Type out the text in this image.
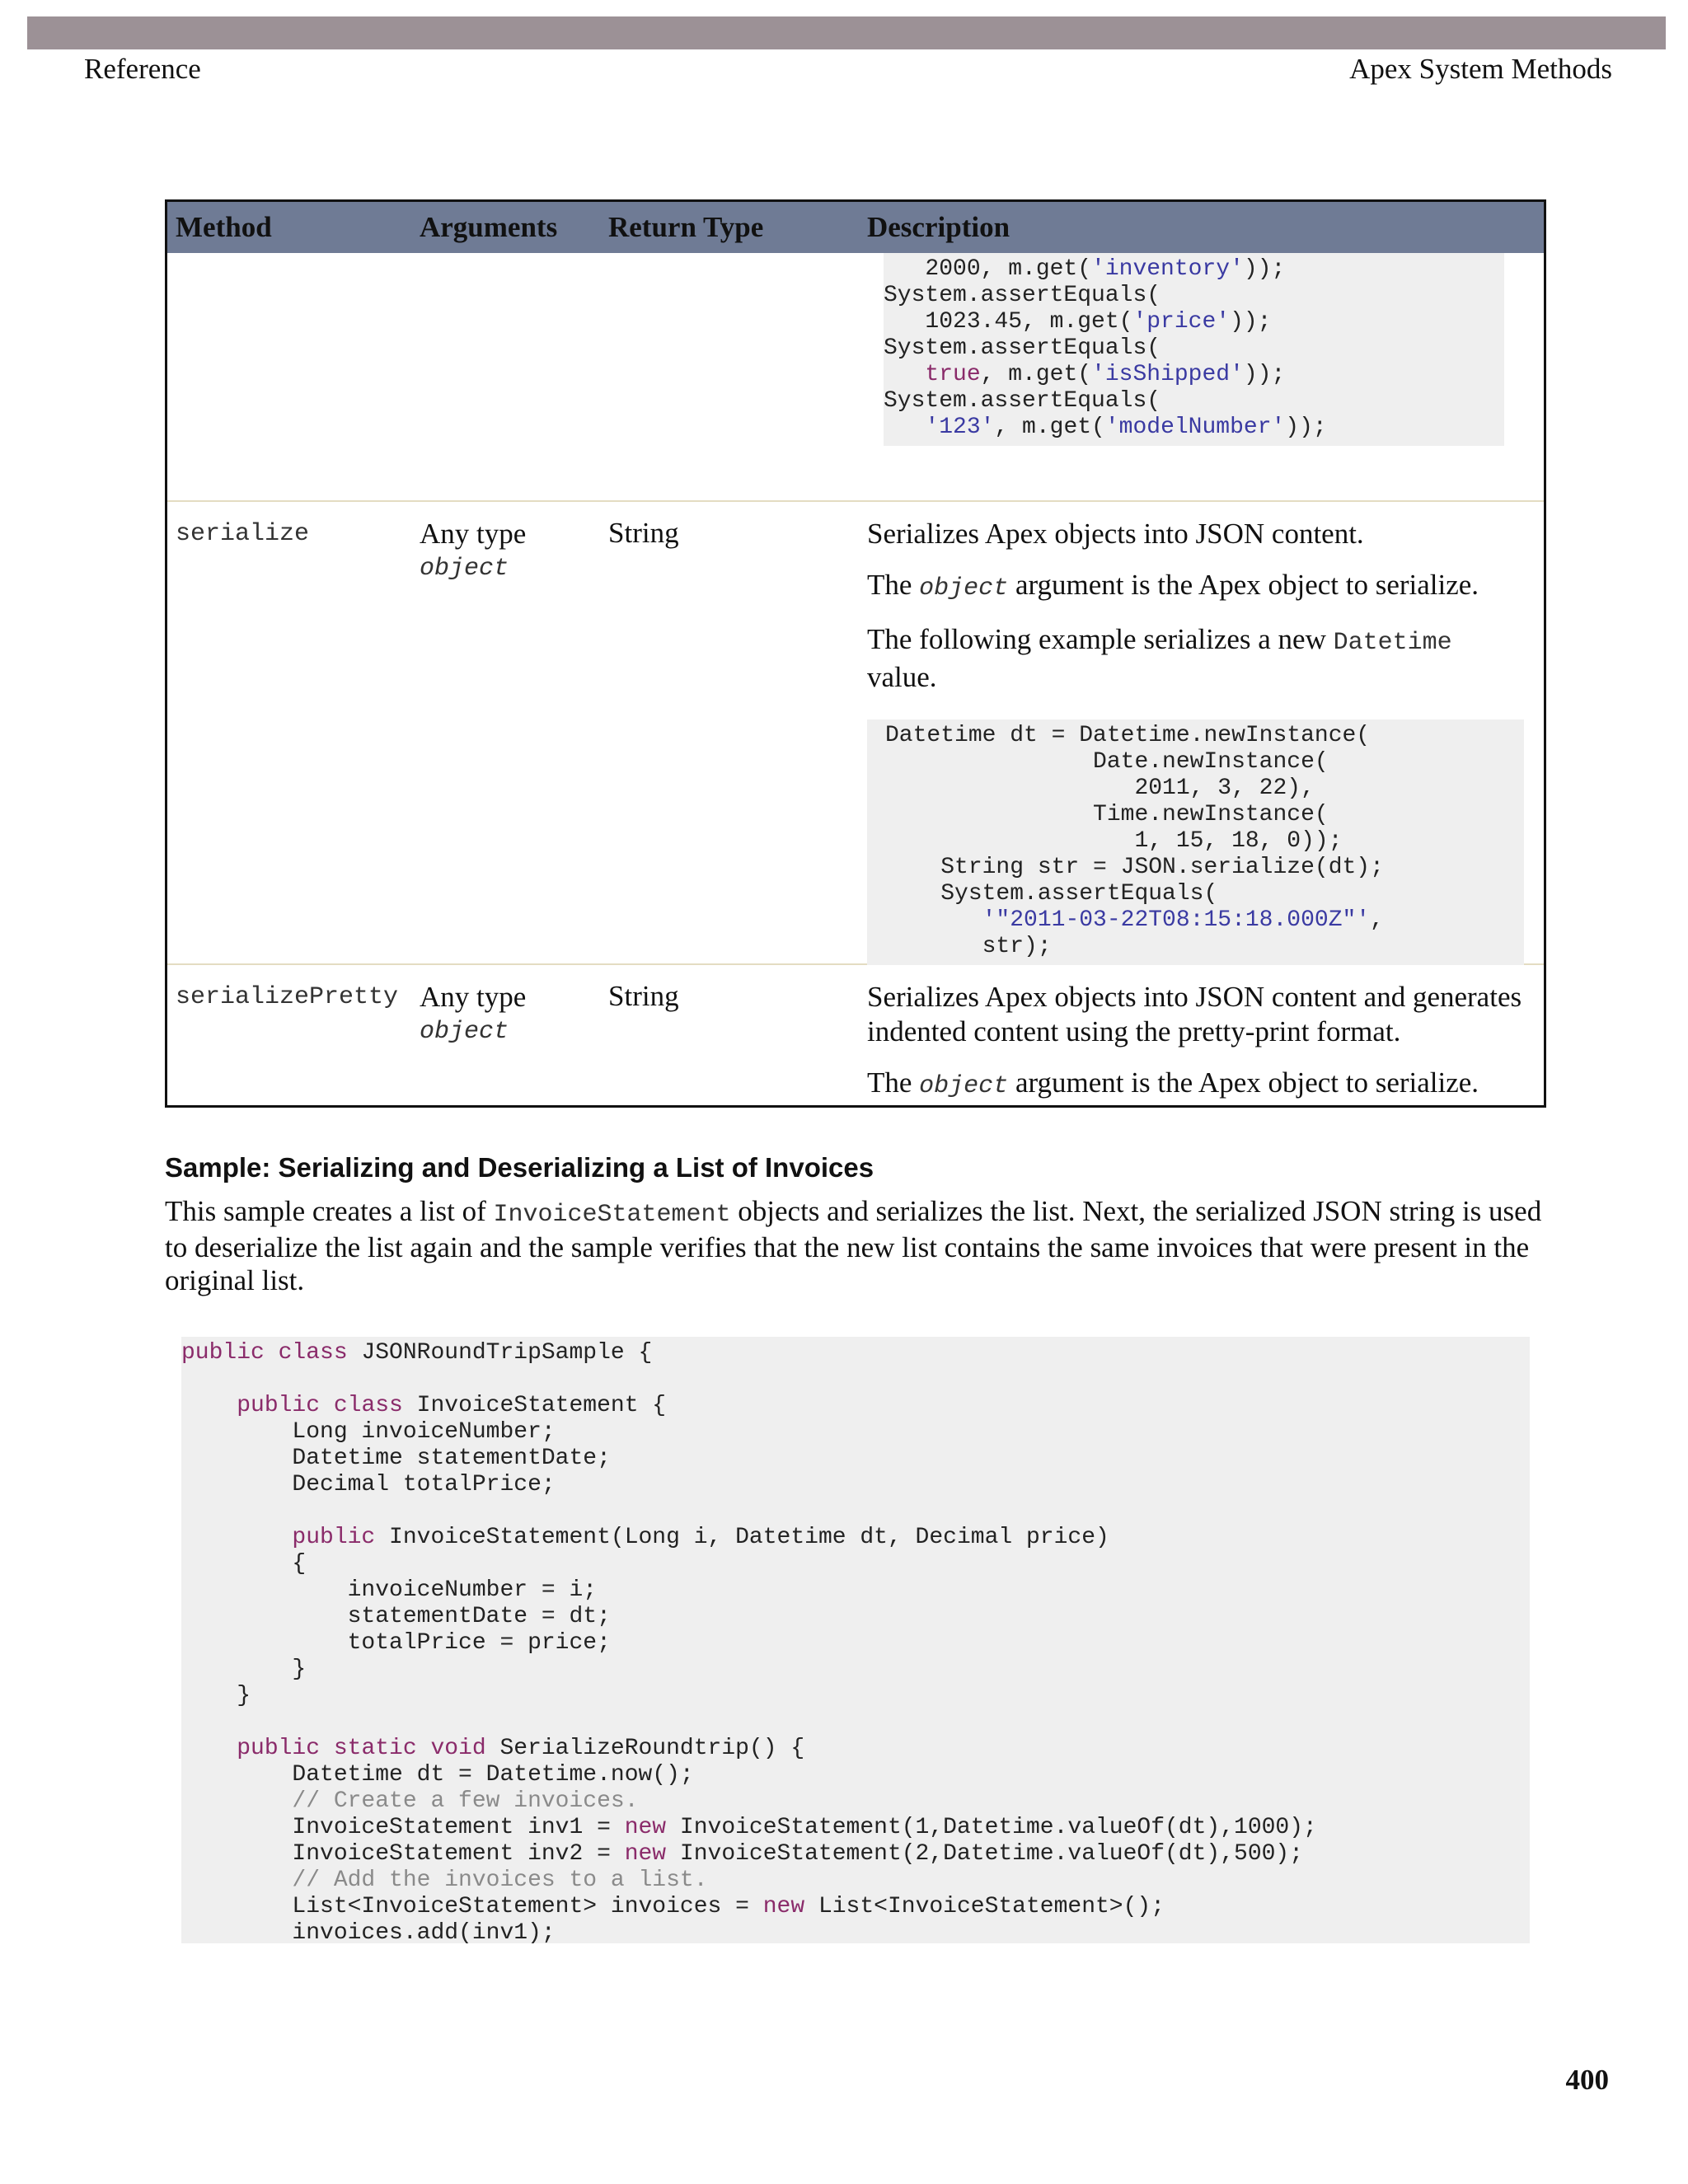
Reference	Apex System Methods
Method	Arguments	Return Type	Description
2000, m.get('inventory'));
System.assertEquals(
1023.45, m.get('price'));
System.assertEquals(
true, m.get('isShipped'));
System.assertEquals(
'123', m.get('modelNumber'));
serialize	Any type
object
String	Serializes Apex objects into JSON content.

The object argument is the Apex object to serialize.

The following example serializes a new Datetime value.

Datetime dt = Datetime.newInstance(
Date.newInstance(
2011, 3, 22),
Time.newInstance(
1, 15, 18, 0));
String str = JSON.serialize(dt);
System.assertEquals(
'"2011-03-22T08:15:18.000Z"',
str);
serializePretty Any type
object
String	Serializes Apex objects into JSON content and generates indented content using the pretty-print format.

The object argument is the Apex object to serialize.

Sample: Serializing and Deserializing a List of Invoices
This sample creates a list of InvoiceStatement objects and serializes the list. Next, the serialized JSON string is used to deserialize the list again and the sample verifies that the new list contains the same invoices that were present in the original list.
public class JSONRoundTripSample {
public class InvoiceStatement {
Long invoiceNumber;
Datetime statementDate;
Decimal totalPrice;
public InvoiceStatement(Long i, Datetime dt, Decimal price)
{
invoiceNumber = i;
statementDate = dt;
totalPrice = price;
}
}
public static void SerializeRoundtrip() {
Datetime dt = Datetime.now();
// Create a few invoices.
InvoiceStatement inv1 = new InvoiceStatement(1,Datetime.valueOf(dt),1000);
InvoiceStatement inv2 = new InvoiceStatement(2,Datetime.valueOf(dt),500);
// Add the invoices to a list.
List<InvoiceStatement> invoices = new List<InvoiceStatement>();
invoices.add(inv1);
400
